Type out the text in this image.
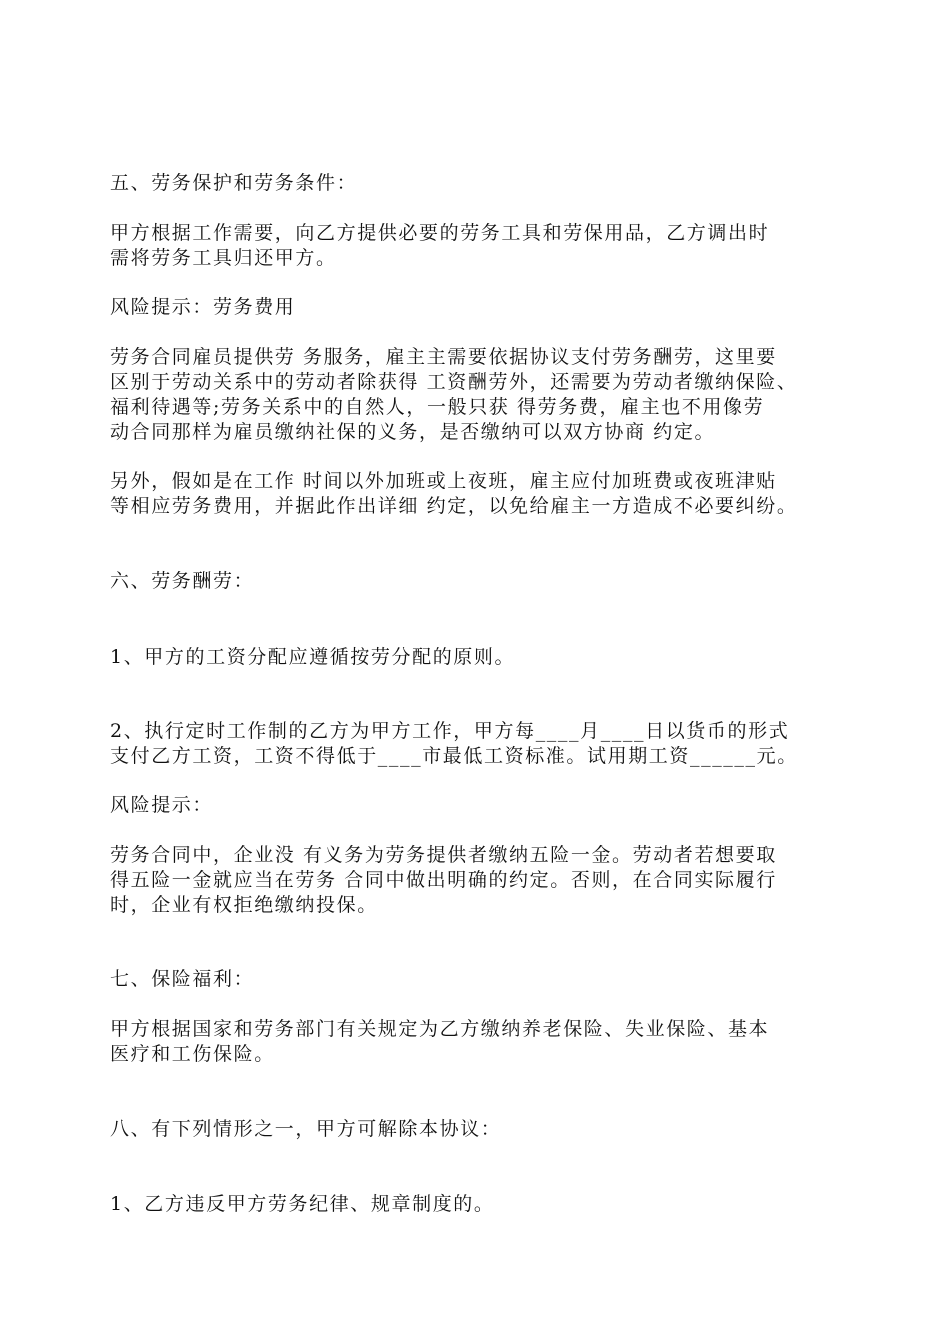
五、劳务保护和劳务条件：

甲方根据工作需要，向乙方提供必要的劳务工具和劳保用品，乙方调出时
需将劳务工具归还甲方。

风险提示：劳务费用

劳务合同雇员提供劳 务服务，雇主主需要依据协议支付劳务酬劳，这里要
区别于劳动关系中的劳动者除获得 工资酬劳外，还需要为劳动者缴纳保险、
福利待遇等;劳务关系中的自然人，一般只获 得劳务费，雇主也不用像劳
动合同那样为雇员缴纳社保的义务，是否缴纳可以双方协商 约定。

另外，假如是在工作 时间以外加班或上夜班，雇主应付加班费或夜班津贴
等相应劳务费用，并据此作出详细 约定，以免给雇主一方造成不必要纠纷。

六、劳务酬劳：

1、甲方的工资分配应遵循按劳分配的原则。

2、执行定时工作制的乙方为甲方工作，甲方每____月____日以货币的形式
支付乙方工资，工资不得低于____市最低工资标准。试用期工资______元。

风险提示：

劳务合同中，企业没 有义务为劳务提供者缴纳五险一金。劳动者若想要取
得五险一金就应当在劳务 合同中做出明确的约定。否则，在合同实际履行
时，企业有权拒绝缴纳投保。

七、保险福利：

甲方根据国家和劳务部门有关规定为乙方缴纳养老保险、失业保险、基本
医疗和工伤保险。

八、有下列情形之一，甲方可解除本协议：

1、乙方违反甲方劳务纪律、规章制度的。
